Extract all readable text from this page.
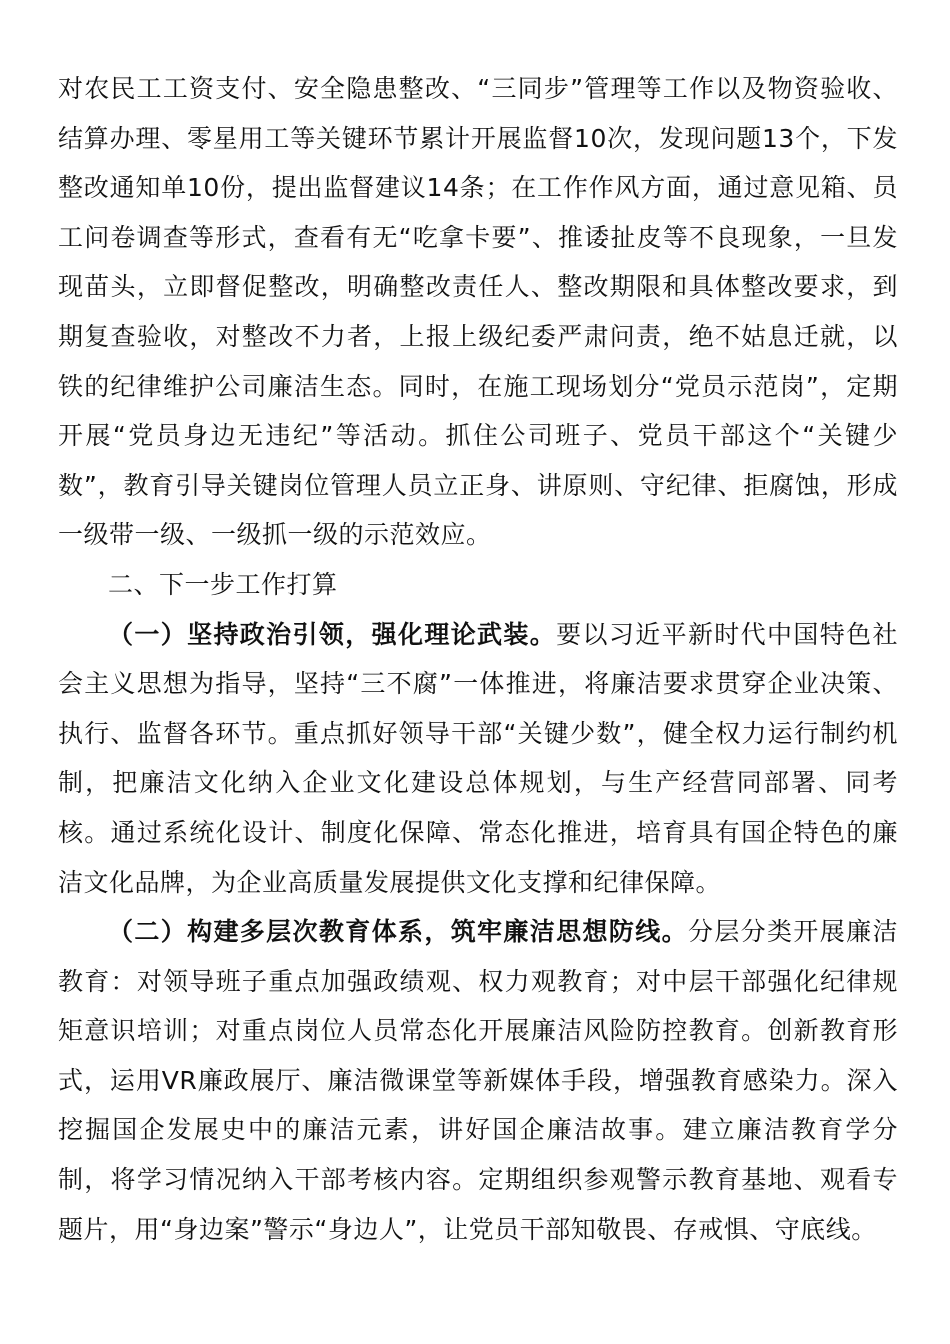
对农民工工资支付、安全隐患整改、“三同步”管理等工作以及物资验收、结算办理、零星用工等关键环节累计开展监督10次，发现问题13个，下发整改通知单10份，提出监督建议14条；在工作作风方面，通过意见箱、员工问卷调查等形式，查看有无“吃拿卡要”、推诿扯皮等不良现象，一旦发现苗头，立即督促整改，明确整改责任人、整改期限和具体整改要求，到期复查验收，对整改不力者，上报上级纪委严肃问责，绝不姑息迁就，以铁的纪律维护公司廉洁生态。同时，在施工现场划分“党员示范岗”，定期开展“党员身边无违纪”等活动。抓住公司班子、党员干部这个“关键少数”，教育引导关键岗位管理人员立正身、讲原则、守纪律、拒腐蚀，形成一级带一级、一级抓一级的示范效应。

二、下一步工作打算

（一）坚持政治引领，强化理论武装。要以习近平新时代中国特色社会主义思想为指导，坚持“三不腐”一体推进，将廉洁要求贯穿企业决策、执行、监督各环节。重点抓好领导干部“关键少数”，健全权力运行制约机制，把廉洁文化纳入企业文化建设总体规划，与生产经营同部署、同考核。通过系统化设计、制度化保障、常态化推进，培育具有国企特色的廉洁文化品牌，为企业高质量发展提供文化支撑和纪律保障。

（二）构建多层次教育体系，筑牢廉洁思想防线。分层分类开展廉洁教育：对领导班子重点加强政绩观、权力观教育；对中层干部强化纪律规矩意识培训；对重点岗位人员常态化开展廉洁风险防控教育。创新教育形式，运用VR廉政展厅、廉洁微课堂等新媒体手段，增强教育感染力。深入挖掘国企发展史中的廉洁元素，讲好国企廉洁故事。建立廉洁教育学分制，将学习情况纳入干部考核内容。定期组织参观警示教育基地、观看专题片，用“身边案”警示“身边人”，让党员干部知敬畏、存戒惧、守底线。
